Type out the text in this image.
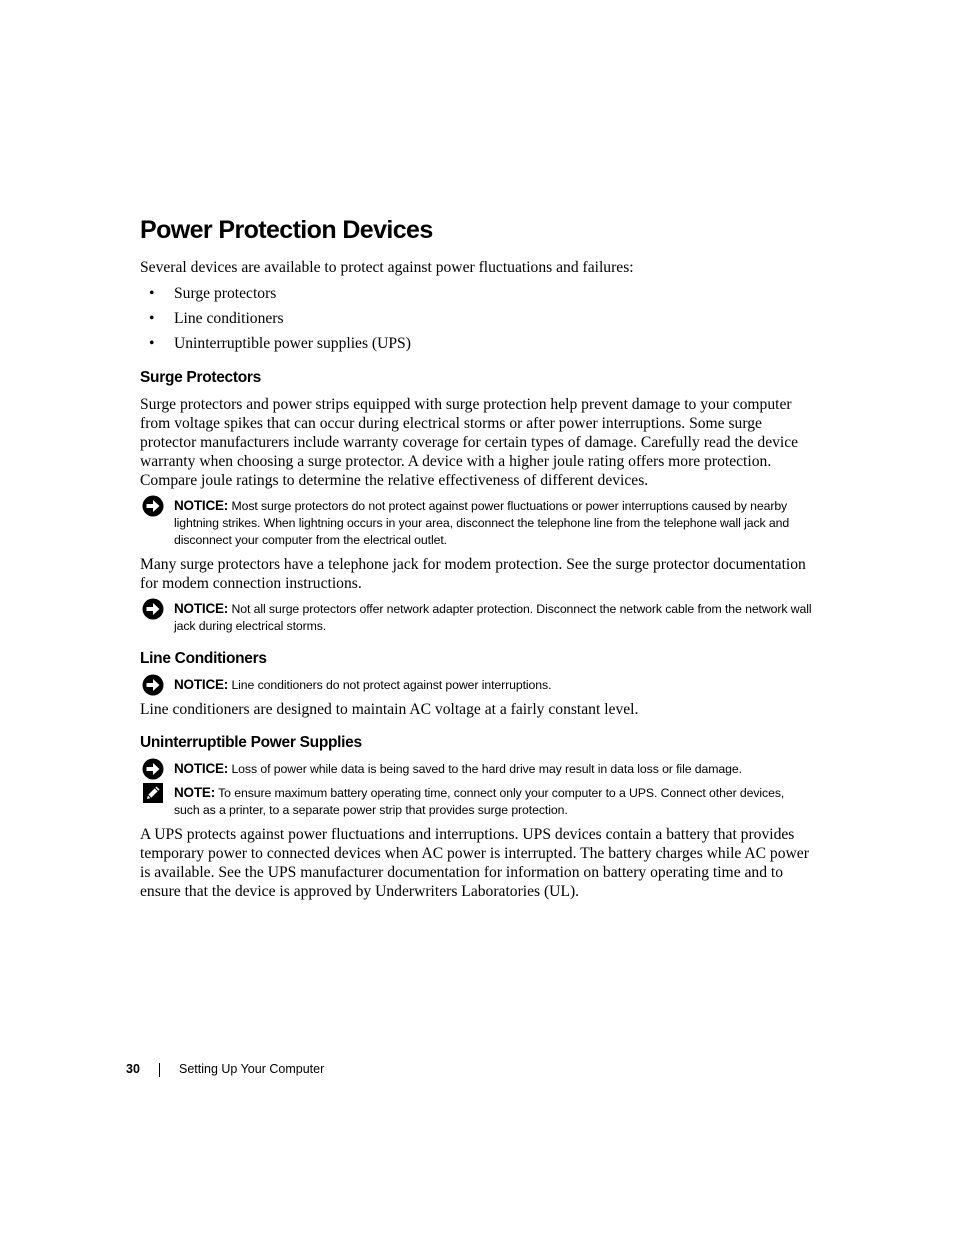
Power Protection Devices

Several devices are available to protect against power fluctuations and failures:

• Surge protectors
• Line conditioners
• Uninterruptible power supplies (UPS)
Surge Protectors

Surge protectors and power strips equipped with surge protection help prevent damage to your computer from voltage spikes that can occur during electrical storms or after power interruptions. Some surge protector manufacturers include warranty coverage for certain types of damage. Carefully read the device warranty when choosing a surge protector. A device with a higher joule rating offers more protection. Compare joule ratings to determine the relative effectiveness of different devices.

NOTICE: Most surge protectors do not protect against power fluctuations or power interruptions caused by nearby lightning strikes. When lightning occurs in your area, disconnect the telephone line from the telephone wall jack and disconnect your computer from the electrical outlet.

Many surge protectors have a telephone jack for modem protection. See the surge protector documentation for modem connection instructions.

NOTICE: Not all surge protectors offer network adapter protection. Disconnect the network cable from the network wall jack during electrical storms.
Line Conditioners
NOTICE: Line conditioners do not protect against power interruptions.

Line conditioners are designed to maintain AC voltage at a fairly constant level.

Uninterruptible Power Supplies
NOTICE: Loss of power while data is being saved to the hard drive may result in data loss or file damage.
NOTE: To ensure maximum battery operating time, connect only your computer to a UPS. Connect other devices, such as a printer, to a separate power strip that provides surge protection.

A UPS protects against power fluctuations and interruptions. UPS devices contain a battery that provides temporary power to connected devices when AC power is interrupted. The battery charges while AC power is available. See the UPS manufacturer documentation for information on battery operating time and to ensure that the device is approved by Underwriters Laboratories (UL).

30	Setting Up Your Computer
